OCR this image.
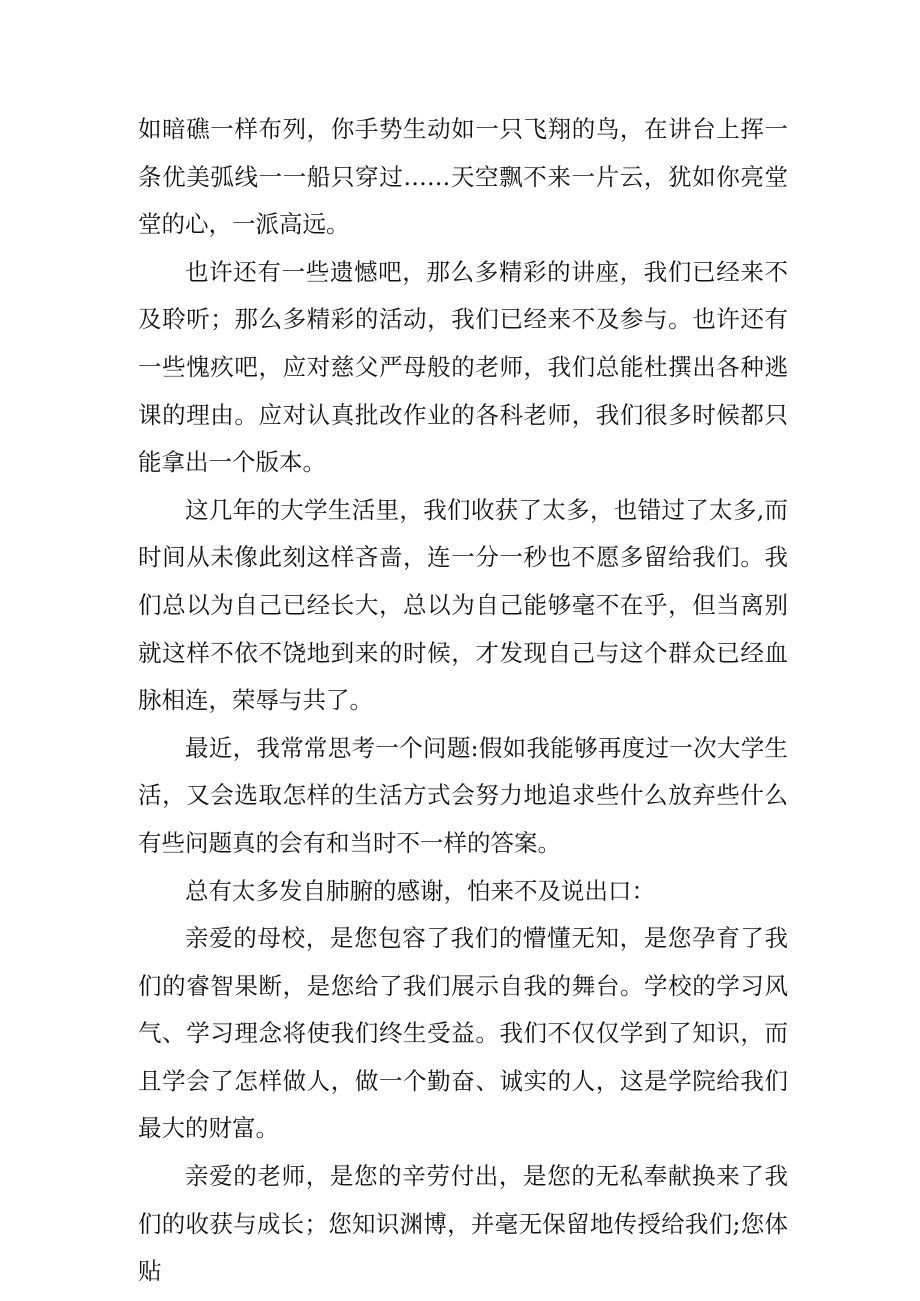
如暗礁一样布列，你手势生动如一只飞翔的鸟，在讲台上挥一条优美弧线一一船只穿过……天空飘不来一片云，犹如你亮堂堂的心，一派高远。

也许还有一些遗憾吧，那么多精彩的讲座，我们已经来不及聆听；那么多精彩的活动，我们已经来不及参与。也许还有一些愧疚吧，应对慈父严母般的老师，我们总能杜撰出各种逃课的理由。应对认真批改作业的各科老师，我们很多时候都只能拿出一个版本。

这几年的大学生活里，我们收获了太多，也错过了太多,而时间从未像此刻这样吝啬，连一分一秒也不愿多留给我们。我们总以为自己已经长大，总以为自己能够毫不在乎，但当离别就这样不依不饶地到来的时候，才发现自己与这个群众已经血脉相连，荣辱与共了。

最近，我常常思考一个问题:假如我能够再度过一次大学生活，又会选取怎样的生活方式会努力地追求些什么放弃些什么有些问题真的会有和当时不一样的答案。

总有太多发自肺腑的感谢，怕来不及说出口：

亲爱的母校，是您包容了我们的懵懂无知，是您孕育了我们的睿智果断，是您给了我们展示自我的舞台。学校的学习风气、学习理念将使我们终生受益。我们不仅仅学到了知识，而且学会了怎样做人，做一个勤奋、诚实的人，这是学院给我们最大的财富。

亲爱的老师，是您的辛劳付出，是您的无私奉献换来了我们的收获与成长；您知识渊博，并毫无保留地传授给我们;您体贴
